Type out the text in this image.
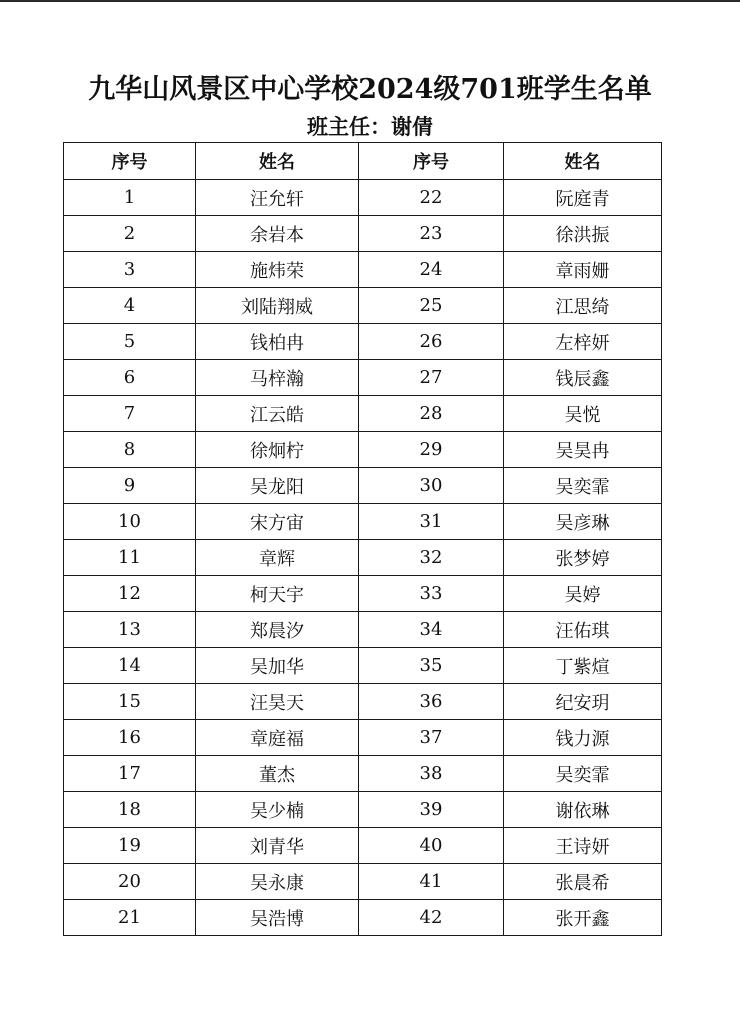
九华山风景区中心学校2024级701班学生名单
班主任：谢倩
序号	姓名	序号	姓名
1	汪允轩	22	阮庭青
2	余岩本	23	徐洪振
3	施炜荣	24	章雨姗
4	刘陆翔威	25	江思绮
5	钱柏冉	26	左梓妍
6	马梓瀚	27	钱辰鑫
7	江云皓	28	吴悦
8	徐炯柠	29	吴昊冉
9	吴龙阳	30	吴奕霏
10	宋方宙	31	吴彦琳
11	章辉	32	张梦婷
12	柯天宇	33	吴婷
13	郑晨汐	34	汪佑琪
14	吴加华	35	丁紫煊
15	汪昊天	36	纪安玥
16	章庭福	37	钱力源
17	董杰	38	吴奕霏
18	吴少楠	39	谢依琳
19	刘青华	40	王诗妍
20	吴永康	41	张晨希
21	吴浩博	42	张开鑫
